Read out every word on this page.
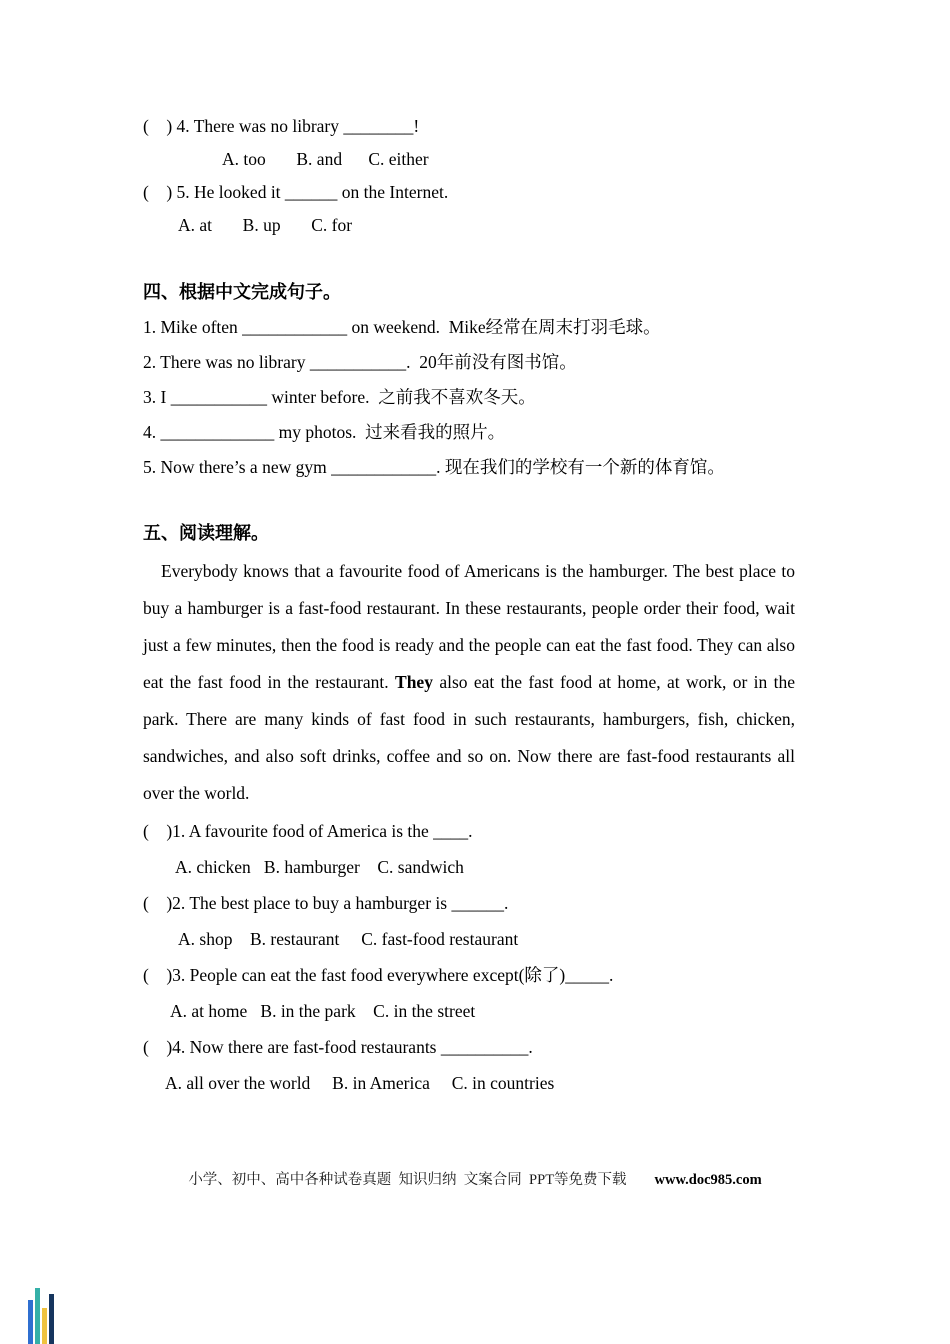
(    ) 4. There was no library ________!
A. too       B. and      C. either
(    ) 5. He looked it ______ on the Internet.
A. at       B. up       C. for
四、根据中文完成句子。
1. Mike often ____________ on weekend.  Mike经常在周末打羽毛球。
2. There was no library ___________.  20年前没有图书馆。
3. I ___________ winter before.  之前我不喜欢冬天。
4. _____________ my photos.  过来看我的照片。
5. Now there’s a new gym ____________. 现在我们的学校有一个新的体育馆。
五、阅读理解。

Everybody knows that a favourite food of Americans is the hamburger. The best place to buy a hamburger is a fast-food restaurant. In these restaurants, people order their food, wait just a few minutes, then the food is ready and the people can eat the fast food. They can also eat the fast food in the restaurant. They also eat the fast food at home, at work, or in the park. There are many kinds of fast food in such restaurants, hamburgers, fish, chicken, sandwiches, and also soft drinks, coffee and so on. Now there are fast-food restaurants all over the world.

(    )1. A favourite food of America is the ____.
A. chicken   B. hamburger    C. sandwich
(    )2. The best place to buy a hamburger is ______.
A. shop    B. restaurant     C. fast-food restaurant
(    )3. People can eat the fast food everywhere except(除了)_____.
A. at home   B. in the park    C. in the street
(    )4. Now there are fast-food restaurants __________.
A. all over the world     B. in America     C. in countries
小学、初中、高中各种试卷真题  知识归纳  文案合同  PPT等免费下载 www.doc985.com
